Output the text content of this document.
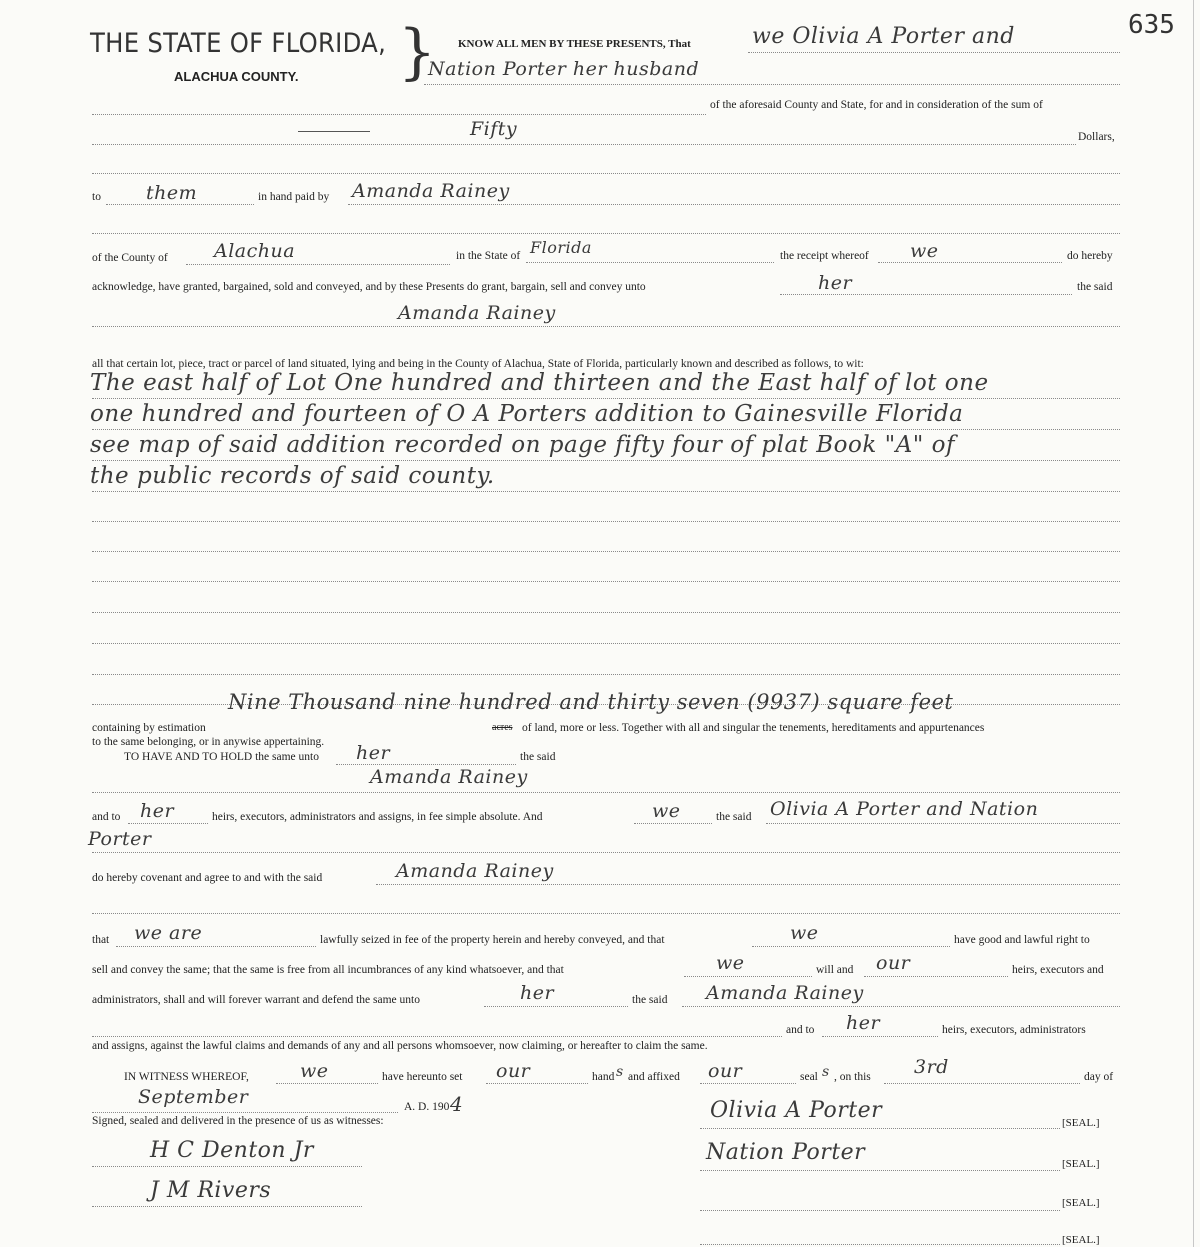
THE STATE OF FLORIDA,
ALACHUA COUNTY. }	635
KNOW ALL MEN BY THESE PRESENTS, That	we Olivia A Porter and
Nation Porter her husband
of the aforesaid County and State, for and in consideration of the sum of
Fifty	Dollars,
to them	in hand paid by Amanda Rainey
of the County of Alachua	in the State of Florida	the receipt whereof we	do hereby
acknowledge, have granted, bargained, sold and conveyed, and by these Presents do grant, bargain, sell and convey unto	her	the said
Amanda Rainey
all that certain lot, piece, tract or parcel of land situated, lying and being in the County of Alachua, State of Florida, particularly known and described as follows, to wit:
The east half of Lot One hundred and thirteen and the East half of lot one
one hundred and fourteen of O A Porters addition to Gainesville Florida
see map of said addition recorded on page fifty four of plat Book "A" of
the public records of said county.
Nine Thousand nine hundred and thirty seven (9937) square feet
containing by estimation	acres of land, more or less. Together with all and singular the tenements, hereditaments and appurtenances
to the same belonging, or in anywise appertaining.
TO HAVE AND TO HOLD the same unto her	the said
Amanda Rainey
and to her	heirs, executors, administrators and assigns, in fee simple absolute. And	we	the said Olivia A Porter and Nation
Porter
do hereby covenant and agree to and with the said	Amanda Rainey
that we are	lawfully seized in fee of the property herein and hereby conveyed, and that	we	have good and lawful right to
sell and convey the same; that the same is free from all incumbrances of any kind whatsoever, and that	we	will and our	heirs, executors and
administrators, shall and will forever warrant and defend the same unto	her	the said Amanda Rainey
and to her	heirs, executors, administrators
and assigns, against the lawful claims and demands of any and all persons whomsoever, now claiming, or hereafter to claim the same.
IN WITNESS WHEREOF,	we	have hereunto set our	hand s and affixed our	seal s , on this 3rd	day of
September	A. D. 190 4
Signed, sealed and delivered in the presence of us as witnesses:
H C Denton Jr
J M Rivers
Olivia A Porter	[SEAL.]
Nation Porter	[SEAL.]
[SEAL.]
[SEAL.]
